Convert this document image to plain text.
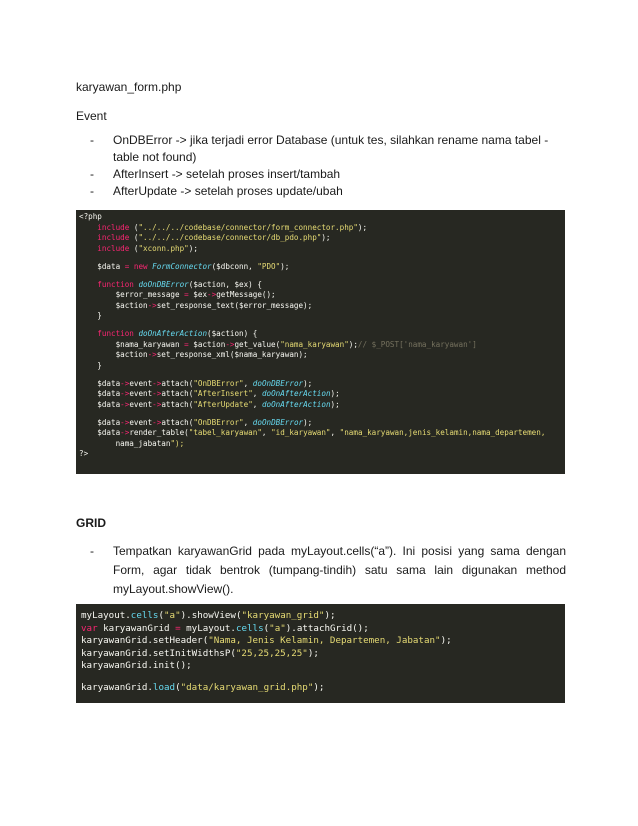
karyawan_form.php
Event
- OnDBError -> jika terjadi error Database (untuk tes, silahkan rename nama tabel - table not found)
- AfterInsert -> setelah proses insert/tambah
- AfterUpdate -> setelah proses update/ubah
<?php
include ("../../../codebase/connector/form_connector.php");
include ("../../../codebase/connector/db_pdo.php");
include ("xconn.php");
$data = new FormConnector($dbconn, "PDO");
function doOnDBError($action, $ex) {
$error_message = $ex->getMessage();
$action->set_response_text($error_message);
}
function doOnAfterAction($action) {
$nama_karyawan = $action->get_value("nama_karyawan");// $_POST['nama_karyawan']
$action->set_response_xml($nama_karyawan);
}
$data->event->attach("OnDBError", doOnDBError);
$data->event->attach("AfterInsert", doOnAfterAction);
$data->event->attach("AfterUpdate", doOnAfterAction);
$data->event->attach("OnDBError", doOnDBError);
$data->render_table("tabel_karyawan", "id_karyawan", "nama_karyawan,jenis_kelamin,nama_departemen,
nama_jabatan");
?>
GRID
- Tempatkan karyawanGrid pada myLayout.cells(“a”). Ini posisi yang sama dengan Form, agar tidak bentrok (tumpang-tindih) satu sama lain digunakan method myLayout.showView().
myLayout.cells("a").showView("karyawan_grid");
var karyawanGrid = myLayout.cells("a").attachGrid();
karyawanGrid.setHeader("Nama, Jenis Kelamin, Departemen, Jabatan");
karyawanGrid.setInitWidthsP("25,25,25,25");
karyawanGrid.init();
karyawanGrid.load("data/karyawan_grid.php");
